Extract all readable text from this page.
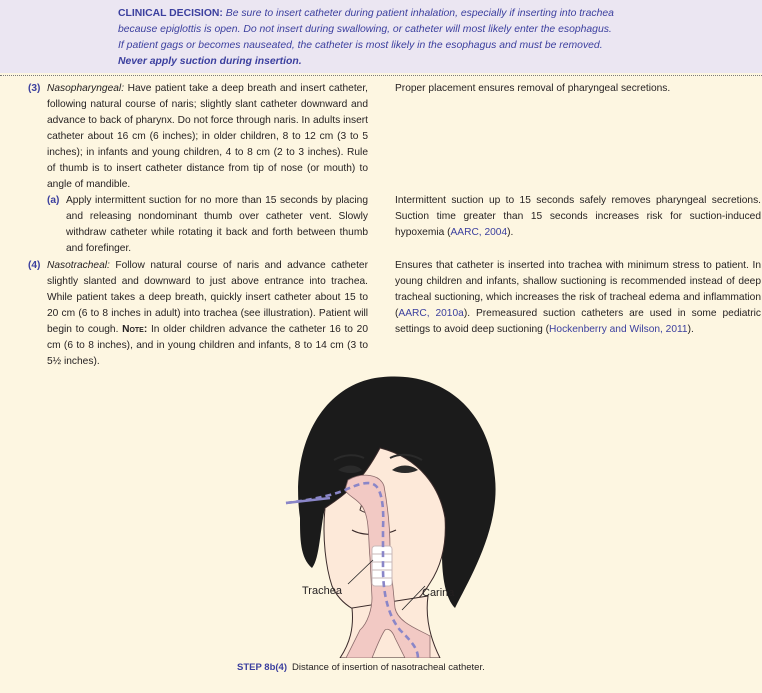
CLINICAL DECISION: Be sure to insert catheter during patient inhalation, especially if inserting into trachea
because epiglottis is open. Do not insert during swallowing, or catheter will most likely enter the esophagus.
If patient gags or becomes nauseated, the catheter is most likely in the esophagus and must be removed.
Never apply suction during insertion.
(3) Nasopharyngeal: Have patient take a deep breath and insert catheter, following natural course of naris; slightly slant catheter downward and advance to back of pharynx. Do not force through naris. In adults insert catheter about 16 cm (6 inches); in older children, 8 to 12 cm (3 to 5 inches); in infants and young children, 4 to 8 cm (2 to 3 inches). Rule of thumb is to insert catheter distance from tip of nose (or mouth) to angle of mandible.
Proper placement ensures removal of pharyngeal secretions.
(a) Apply intermittent suction for no more than 15 seconds by placing and releasing nondominant thumb over catheter vent. Slowly withdraw catheter while rotating it back and forth between thumb and forefinger.
Intermittent suction up to 15 seconds safely removes pharyngeal secretions. Suction time greater than 15 seconds increases risk for suction-induced hypoxemia (AARC, 2004).
(4) Nasotracheal: Follow natural course of naris and advance catheter slightly slanted and downward to just above entrance into trachea. While patient takes a deep breath, quickly insert catheter about 15 to 20 cm (6 to 8 inches in adult) into trachea (see illustration). Patient will begin to cough. Note: In older children advance the catheter 16 to 20 cm (6 to 8 inches), and in young children and infants, 8 to 14 cm (3 to 5½ inches).
Ensures that catheter is inserted into trachea with minimum stress to patient. In young children and infants, shallow suctioning is recommended instead of deep tracheal suctioning, which increases the risk of tracheal edema and inflammation (AARC, 2010a). Premeasured suction catheters are used in some pediatric settings to avoid deep suctioning (Hockenberry and Wilson, 2011).
Trachea	Carina
STEP 8b(4) Distance of insertion of nasotracheal catheter.
